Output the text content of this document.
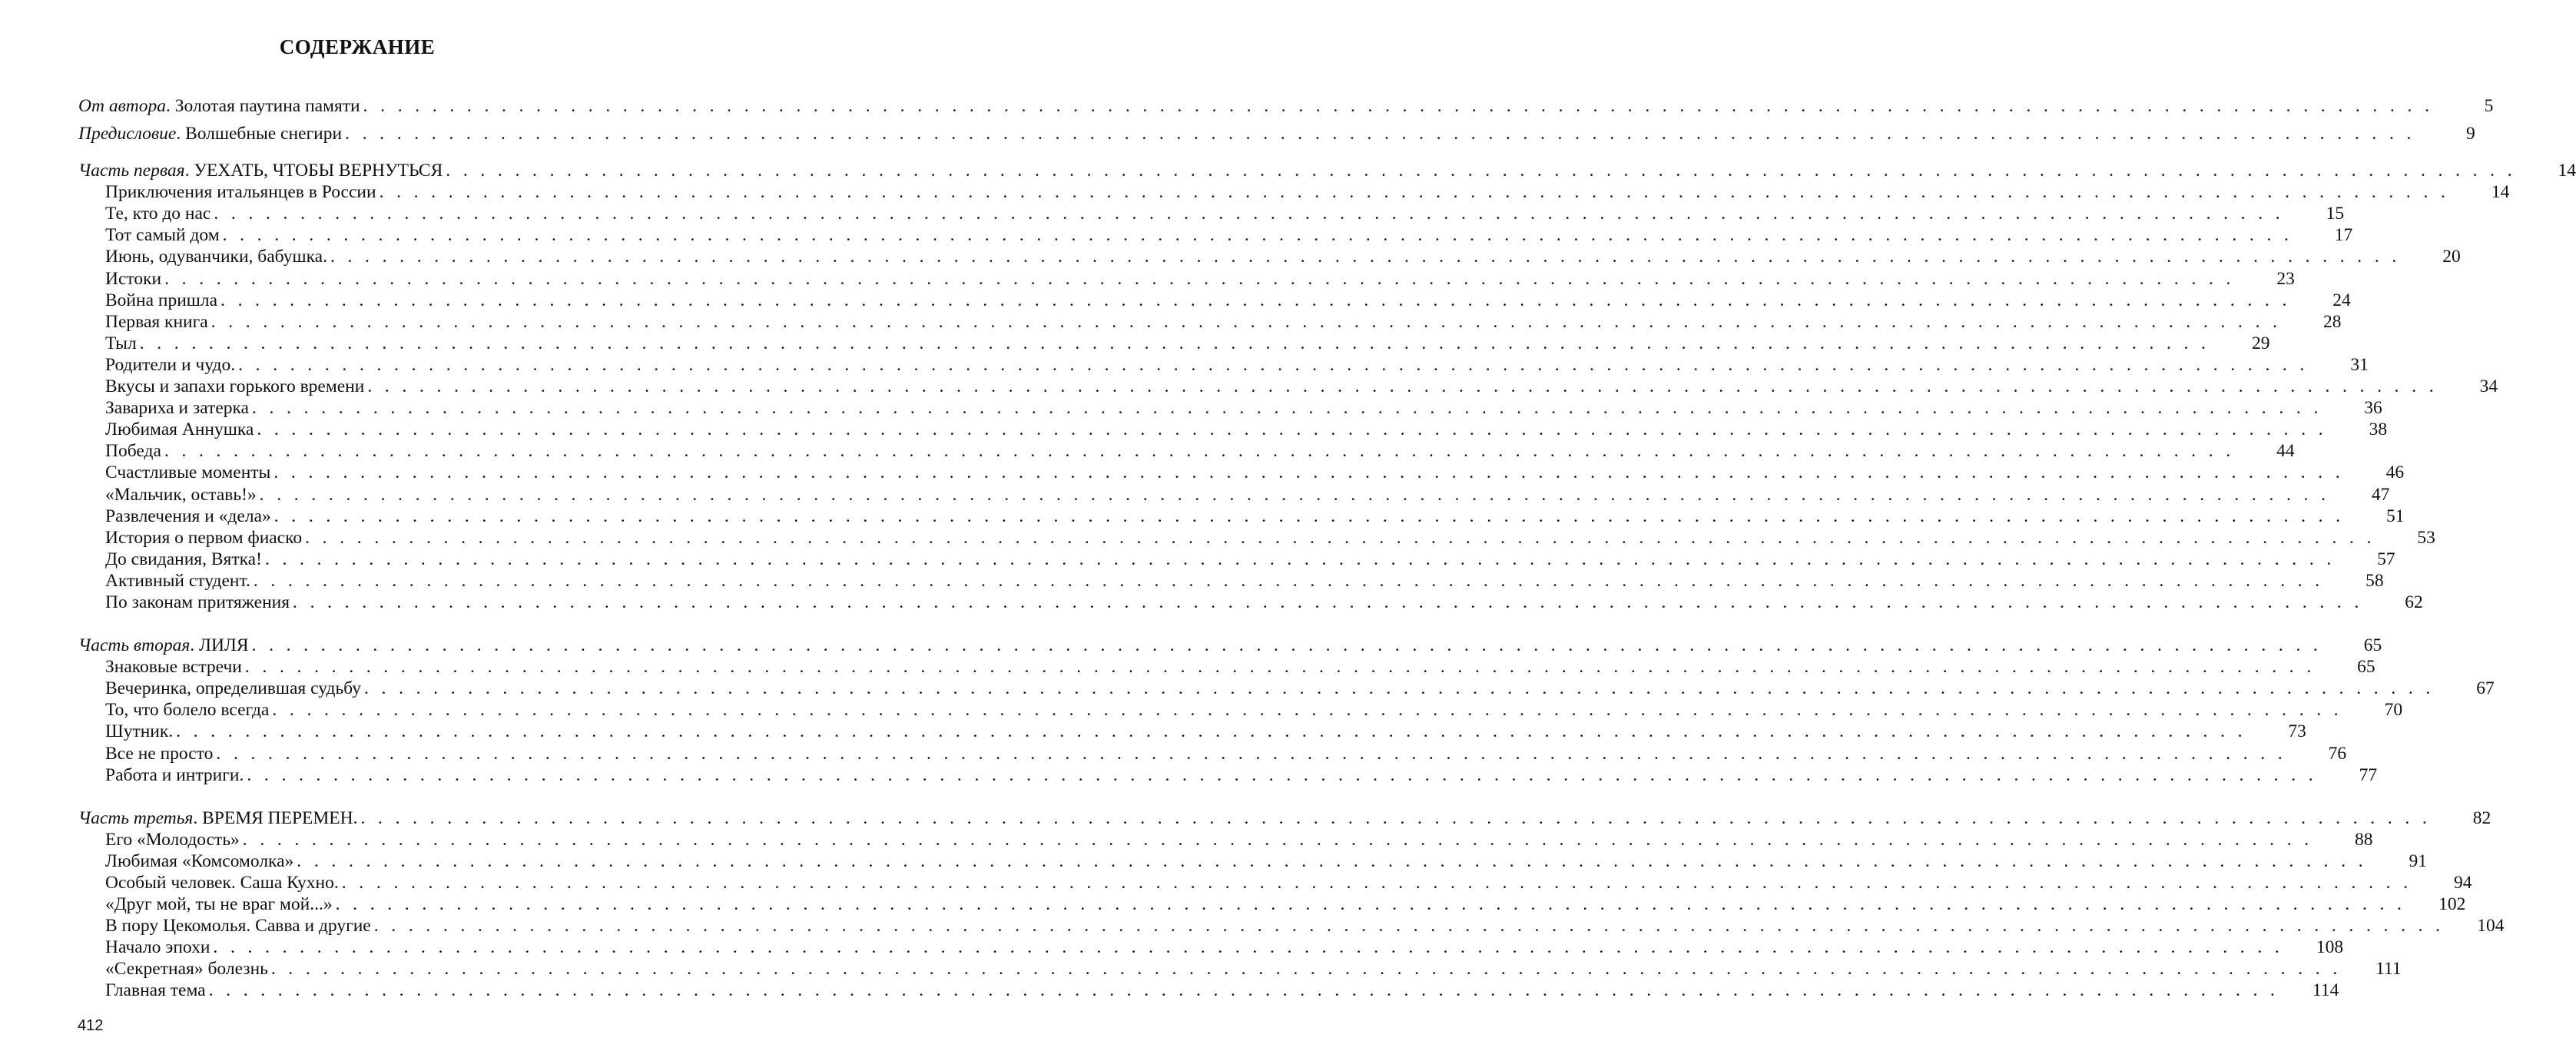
СОДЕРЖАНИЕ
От автора. Золотая паутина памяти . . . . . . . . . . . . . . . . . . . . . . . . . . . . . . . . . . . . . . . . . . . . . . . . . . . . . . . . . . . . . . . . . . . . . . . . . . . . . . . . . . . . . . . . . . . . . . . . . . . . . . . . . . . . . . . . . . . . . . . .	5
Предисловие. Волшебные снегири . . . . . . . . . . . . . . . . . . . . . . . . . . . . . . . . . . . . . . . . . . . . . . . . . . . . . . . . . . . . . . . . . . . . . . . . . . . . . . . . . . . . . . . . . . . . . . . . . . . . . . . . . . . . . . . . . . . . . . . .	9
Часть первая. УЕХАТЬ, ЧТОБЫ ВЕРНУТЬСЯ . . . . . . . . . . . . . . . . . . . . . . . . . . . . . . . . . . . . . . . . . . . . . . . . . . . . . . . . . . . . . . . . . . . . . . . . . . . . . . . . . . . . . . . . . . . . . . . . . . . . . . . . . . . . . . . . . . . . . . . .	14
Приключения итальянцев в России . . . . . . . . . . . . . . . . . . . . . . . . . . . . . . . . . . . . . . . . . . . . . . . . . . . . . . . . . . . . . . . . . . . . . . . . . . . . . . . . . . . . . . . . . . . . . . . . . . . . . . . . . . . . . . . . . . . . . . . .	14
Те, кто до нас . . . . . . . . . . . . . . . . . . . . . . . . . . . . . . . . . . . . . . . . . . . . . . . . . . . . . . . . . . . . . . . . . . . . . . . . . . . . . . . . . . . . . . . . . . . . . . . . . . . . . . . . . . . . . . . . . . . . . . . .	15
Тот самый дом . . . . . . . . . . . . . . . . . . . . . . . . . . . . . . . . . . . . . . . . . . . . . . . . . . . . . . . . . . . . . . . . . . . . . . . . . . . . . . . . . . . . . . . . . . . . . . . . . . . . . . . . . . . . . . . . . . . . . . . .	17
Июнь, одуванчики, бабушка. . . . . . . . . . . . . . . . . . . . . . . . . . . . . . . . . . . . . . . . . . . . . . . . . . . . . . . . . . . . . . . . . . . . . . . . . . . . . . . . . . . . . . . . . . . . . . . . . . . . . . . . . . . . . . . . . . . . . . . . .	20
Истоки . . . . . . . . . . . . . . . . . . . . . . . . . . . . . . . . . . . . . . . . . . . . . . . . . . . . . . . . . . . . . . . . . . . . . . . . . . . . . . . . . . . . . . . . . . . . . . . . . . . . . . . . . . . . . . . . . . . . . . . .	23
Война пришла . . . . . . . . . . . . . . . . . . . . . . . . . . . . . . . . . . . . . . . . . . . . . . . . . . . . . . . . . . . . . . . . . . . . . . . . . . . . . . . . . . . . . . . . . . . . . . . . . . . . . . . . . . . . . . . . . . . . . . . .	24
Первая книга . . . . . . . . . . . . . . . . . . . . . . . . . . . . . . . . . . . . . . . . . . . . . . . . . . . . . . . . . . . . . . . . . . . . . . . . . . . . . . . . . . . . . . . . . . . . . . . . . . . . . . . . . . . . . . . . . . . . . . . .	28
Тыл . . . . . . . . . . . . . . . . . . . . . . . . . . . . . . . . . . . . . . . . . . . . . . . . . . . . . . . . . . . . . . . . . . . . . . . . . . . . . . . . . . . . . . . . . . . . . . . . . . . . . . . . . . . . . . . . . . . . . . . .	29
Родители и чудо. . . . . . . . . . . . . . . . . . . . . . . . . . . . . . . . . . . . . . . . . . . . . . . . . . . . . . . . . . . . . . . . . . . . . . . . . . . . . . . . . . . . . . . . . . . . . . . . . . . . . . . . . . . . . . . . . . . . . . . . .	31
Вкусы и запахи горького времени . . . . . . . . . . . . . . . . . . . . . . . . . . . . . . . . . . . . . . . . . . . . . . . . . . . . . . . . . . . . . . . . . . . . . . . . . . . . . . . . . . . . . . . . . . . . . . . . . . . . . . . . . . . . . . . . . . . . . . . .	34
Завариха и затерка . . . . . . . . . . . . . . . . . . . . . . . . . . . . . . . . . . . . . . . . . . . . . . . . . . . . . . . . . . . . . . . . . . . . . . . . . . . . . . . . . . . . . . . . . . . . . . . . . . . . . . . . . . . . . . . . . . . . . . . .	36
Любимая Аннушка . . . . . . . . . . . . . . . . . . . . . . . . . . . . . . . . . . . . . . . . . . . . . . . . . . . . . . . . . . . . . . . . . . . . . . . . . . . . . . . . . . . . . . . . . . . . . . . . . . . . . . . . . . . . . . . . . . . . . . . .	38
Победа . . . . . . . . . . . . . . . . . . . . . . . . . . . . . . . . . . . . . . . . . . . . . . . . . . . . . . . . . . . . . . . . . . . . . . . . . . . . . . . . . . . . . . . . . . . . . . . . . . . . . . . . . . . . . . . . . . . . . . . .	44
Счастливые моменты . . . . . . . . . . . . . . . . . . . . . . . . . . . . . . . . . . . . . . . . . . . . . . . . . . . . . . . . . . . . . . . . . . . . . . . . . . . . . . . . . . . . . . . . . . . . . . . . . . . . . . . . . . . . . . . . . . . . . . . .	46
«Мальчик, оставь!» . . . . . . . . . . . . . . . . . . . . . . . . . . . . . . . . . . . . . . . . . . . . . . . . . . . . . . . . . . . . . . . . . . . . . . . . . . . . . . . . . . . . . . . . . . . . . . . . . . . . . . . . . . . . . . . . . . . . . . . .	47
Развлечения и «дела» . . . . . . . . . . . . . . . . . . . . . . . . . . . . . . . . . . . . . . . . . . . . . . . . . . . . . . . . . . . . . . . . . . . . . . . . . . . . . . . . . . . . . . . . . . . . . . . . . . . . . . . . . . . . . . . . . . . . . . . .	51
История о первом фиаско . . . . . . . . . . . . . . . . . . . . . . . . . . . . . . . . . . . . . . . . . . . . . . . . . . . . . . . . . . . . . . . . . . . . . . . . . . . . . . . . . . . . . . . . . . . . . . . . . . . . . . . . . . . . . . . . . . . . . . . .	53
До свидания, Вятка! . . . . . . . . . . . . . . . . . . . . . . . . . . . . . . . . . . . . . . . . . . . . . . . . . . . . . . . . . . . . . . . . . . . . . . . . . . . . . . . . . . . . . . . . . . . . . . . . . . . . . . . . . . . . . . . . . . . . . . . .	57
Активный студент. . . . . . . . . . . . . . . . . . . . . . . . . . . . . . . . . . . . . . . . . . . . . . . . . . . . . . . . . . . . . . . . . . . . . . . . . . . . . . . . . . . . . . . . . . . . . . . . . . . . . . . . . . . . . . . . . . . . . . . . .	58
По законам притяжения . . . . . . . . . . . . . . . . . . . . . . . . . . . . . . . . . . . . . . . . . . . . . . . . . . . . . . . . . . . . . . . . . . . . . . . . . . . . . . . . . . . . . . . . . . . . . . . . . . . . . . . . . . . . . . . . . . . . . . . .	62
Часть вторая. ЛИЛЯ . . . . . . . . . . . . . . . . . . . . . . . . . . . . . . . . . . . . . . . . . . . . . . . . . . . . . . . . . . . . . . . . . . . . . . . . . . . . . . . . . . . . . . . . . . . . . . . . . . . . . . . . . . . . . . . . . . . . . . . .	65
Знаковые встречи . . . . . . . . . . . . . . . . . . . . . . . . . . . . . . . . . . . . . . . . . . . . . . . . . . . . . . . . . . . . . . . . . . . . . . . . . . . . . . . . . . . . . . . . . . . . . . . . . . . . . . . . . . . . . . . . . . . . . . . .	65
Вечеринка, определившая судьбу . . . . . . . . . . . . . . . . . . . . . . . . . . . . . . . . . . . . . . . . . . . . . . . . . . . . . . . . . . . . . . . . . . . . . . . . . . . . . . . . . . . . . . . . . . . . . . . . . . . . . . . . . . . . . . . . . . . . . . . .	67
То, что болело всегда . . . . . . . . . . . . . . . . . . . . . . . . . . . . . . . . . . . . . . . . . . . . . . . . . . . . . . . . . . . . . . . . . . . . . . . . . . . . . . . . . . . . . . . . . . . . . . . . . . . . . . . . . . . . . . . . . . . . . . . .	70
Шутник. . . . . . . . . . . . . . . . . . . . . . . . . . . . . . . . . . . . . . . . . . . . . . . . . . . . . . . . . . . . . . . . . . . . . . . . . . . . . . . . . . . . . . . . . . . . . . . . . . . . . . . . . . . . . . . . . . . . . . . . .	73
Все не просто . . . . . . . . . . . . . . . . . . . . . . . . . . . . . . . . . . . . . . . . . . . . . . . . . . . . . . . . . . . . . . . . . . . . . . . . . . . . . . . . . . . . . . . . . . . . . . . . . . . . . . . . . . . . . . . . . . . . . . . .	76
Работа и интриги. . . . . . . . . . . . . . . . . . . . . . . . . . . . . . . . . . . . . . . . . . . . . . . . . . . . . . . . . . . . . . . . . . . . . . . . . . . . . . . . . . . . . . . . . . . . . . . . . . . . . . . . . . . . . . . . . . . . . . . . .	77
Часть третья. ВРЕМЯ ПЕРЕМЕН. . . . . . . . . . . . . . . . . . . . . . . . . . . . . . . . . . . . . . . . . . . . . . . . . . . . . . . . . . . . . . . . . . . . . . . . . . . . . . . . . . . . . . . . . . . . . . . . . . . . . . . . . . . . . . . . . . . . . . . . .	82
Его «Молодость» . . . . . . . . . . . . . . . . . . . . . . . . . . . . . . . . . . . . . . . . . . . . . . . . . . . . . . . . . . . . . . . . . . . . . . . . . . . . . . . . . . . . . . . . . . . . . . . . . . . . . . . . . . . . . . . . . . . . . . . .	88
Любимая «Комсомолка» . . . . . . . . . . . . . . . . . . . . . . . . . . . . . . . . . . . . . . . . . . . . . . . . . . . . . . . . . . . . . . . . . . . . . . . . . . . . . . . . . . . . . . . . . . . . . . . . . . . . . . . . . . . . . . . . . . . . . . . .	91
Особый человек. Саша Кухно. . . . . . . . . . . . . . . . . . . . . . . . . . . . . . . . . . . . . . . . . . . . . . . . . . . . . . . . . . . . . . . . . . . . . . . . . . . . . . . . . . . . . . . . . . . . . . . . . . . . . . . . . . . . . . . . . . . . . . . . .	94
«Друг мой, ты не враг мой...» . . . . . . . . . . . . . . . . . . . . . . . . . . . . . . . . . . . . . . . . . . . . . . . . . . . . . . . . . . . . . . . . . . . . . . . . . . . . . . . . . . . . . . . . . . . . . . . . . . . . . . . . . . . . . . . . . . . . . . . .	102
В пору Цекомолья. Савва и другие . . . . . . . . . . . . . . . . . . . . . . . . . . . . . . . . . . . . . . . . . . . . . . . . . . . . . . . . . . . . . . . . . . . . . . . . . . . . . . . . . . . . . . . . . . . . . . . . . . . . . . . . . . . . . . . . . . . . . . . .	104
Начало эпохи . . . . . . . . . . . . . . . . . . . . . . . . . . . . . . . . . . . . . . . . . . . . . . . . . . . . . . . . . . . . . . . . . . . . . . . . . . . . . . . . . . . . . . . . . . . . . . . . . . . . . . . . . . . . . . . . . . . . . . . .	108
«Секретная» болезнь . . . . . . . . . . . . . . . . . . . . . . . . . . . . . . . . . . . . . . . . . . . . . . . . . . . . . . . . . . . . . . . . . . . . . . . . . . . . . . . . . . . . . . . . . . . . . . . . . . . . . . . . . . . . . . . . . . . . . . . .	111
Главная тема . . . . . . . . . . . . . . . . . . . . . . . . . . . . . . . . . . . . . . . . . . . . . . . . . . . . . . . . . . . . . . . . . . . . . . . . . . . . . . . . . . . . . . . . . . . . . . . . . . . . . . . . . . . . . . . . . . . . . . . .	114
412
